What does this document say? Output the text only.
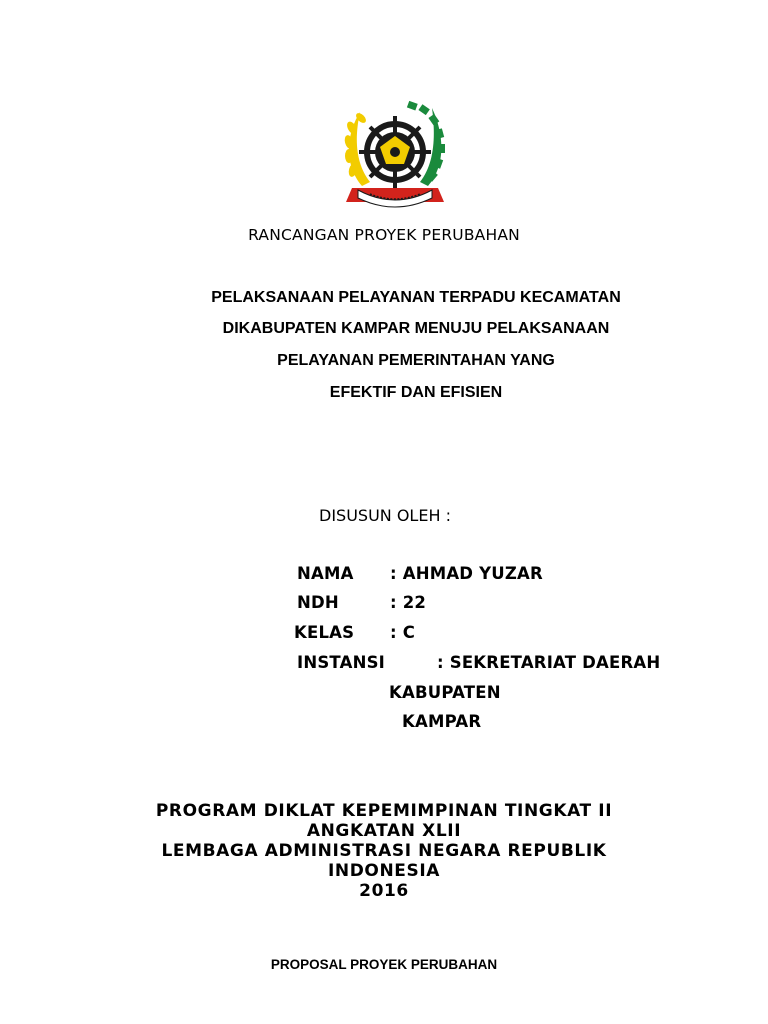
RANCANGAN PROYEK PERUBAHAN
PELAKSANAAN PELAYANAN TERPADU KECAMATAN
DIKABUPATEN KAMPAR MENUJU PELAKSANAAN
PELAYANAN PEMERINTAHAN YANG
EFEKTIF DAN EFISIEN
DISUSUN OLEH :
NAMA : AHMAD YUZAR
NDH	: 22
KELAS : C
INSTANSI	: SEKRETARIAT DAERAH
KABUPATEN
KAMPAR
PROGRAM DIKLAT KEPEMIMPINAN TINGKAT II
ANGKATAN XLII
LEMBAGA ADMINISTRASI NEGARA REPUBLIK
INDONESIA
2016
PROPOSAL PROYEK PERUBAHAN
